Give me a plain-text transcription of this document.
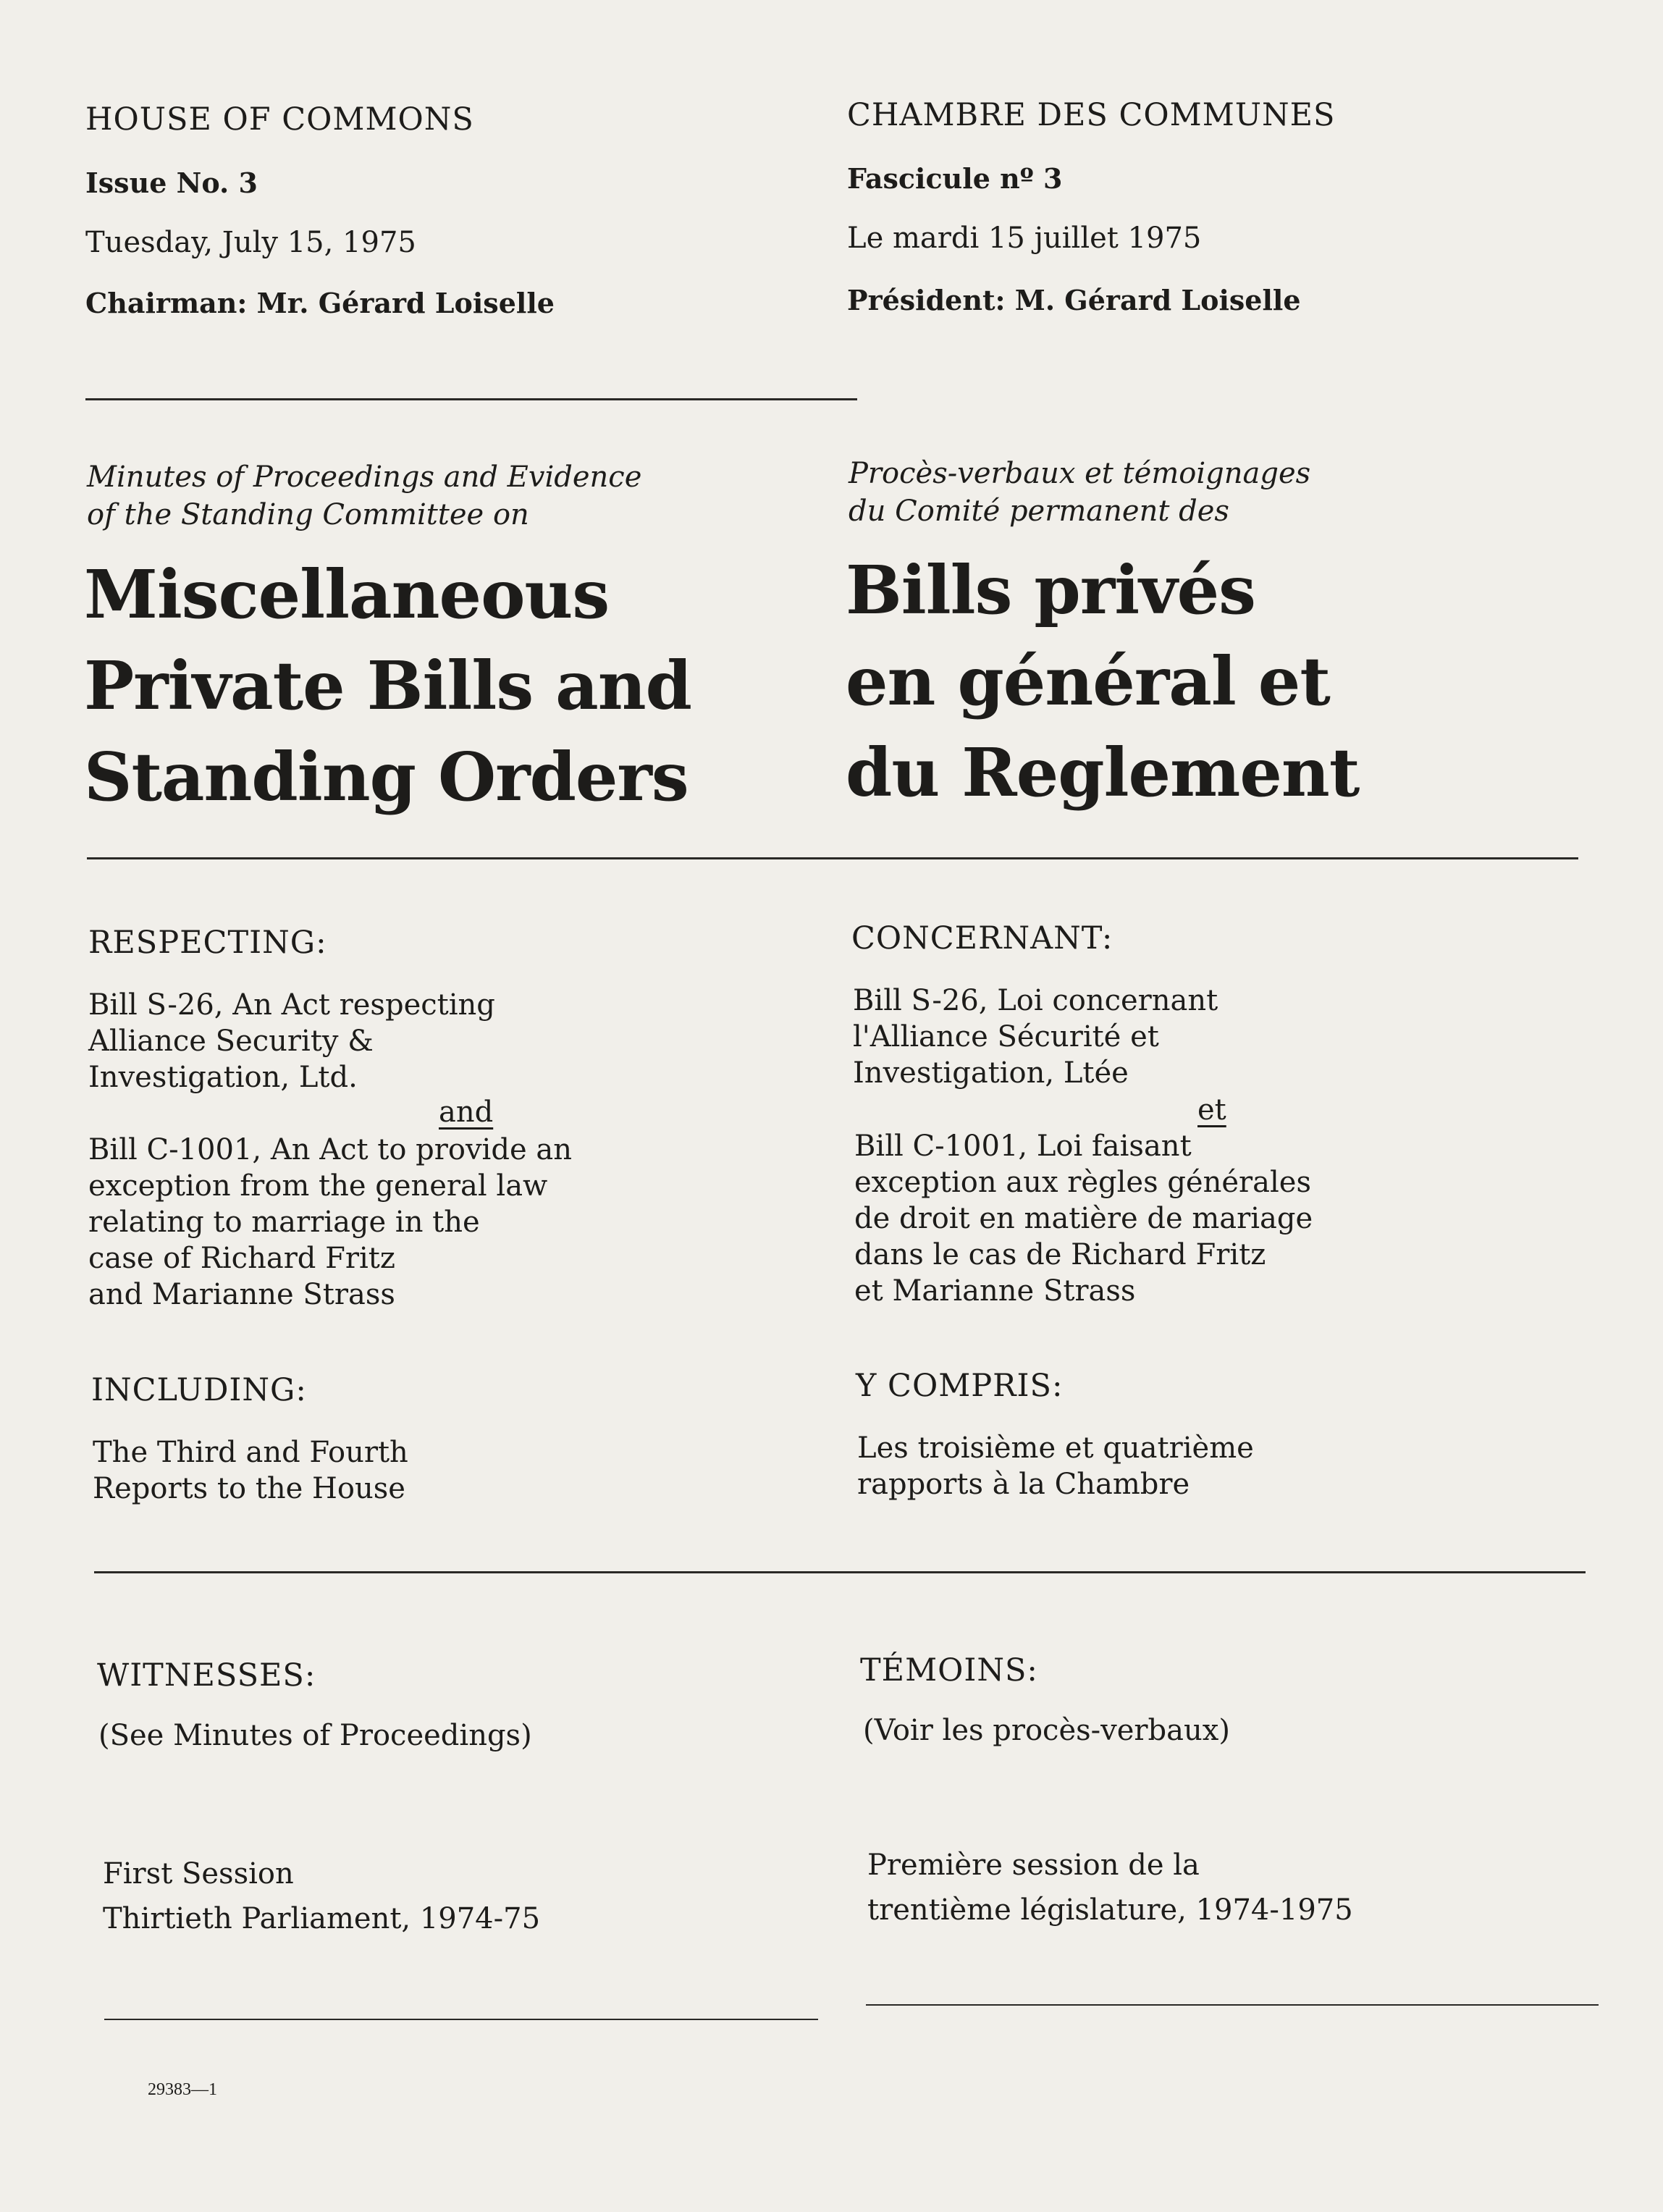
HOUSE OF COMMONS	CHAMBRE DES COMMUNES
Issue No. 3	Fascicule nº 3
Tuesday, July 15, 1975	Le mardi 15 juillet 1975
Chairman: Mr. Gérard Loiselle	Président: M. Gérard Loiselle
Minutes of Proceedings and Evidence
of the Standing Committee on
Procès-verbaux et témoignages
du Comité permanent des
Miscellaneous
Private Bills and
Standing Orders
Bills privés
en général et
du Reglement
RESPECTING:	CONCERNANT:
Bill S-26, An Act respecting
Alliance Security &
Investigation, Ltd.
Bill S-26, Loi concernant
l'Alliance Sécurité et
Investigation, Ltée
and	et
Bill C-1001, An Act to provide an
exception from the general law
relating to marriage in the
case of Richard Fritz
and Marianne Strass
Bill C-1001, Loi faisant
exception aux règles générales
de droit en matière de mariage
dans le cas de Richard Fritz
et Marianne Strass
INCLUDING:	Y COMPRIS:
The Third and Fourth
Reports to the House
Les troisième et quatrième
rapports à la Chambre
WITNESSES:	TÉMOINS:
(See Minutes of Proceedings)	(Voir les procès-verbaux)
First Session
Thirtieth Parliament, 1974-75
Première session de la
trentième législature, 1974-1975
29383—1
